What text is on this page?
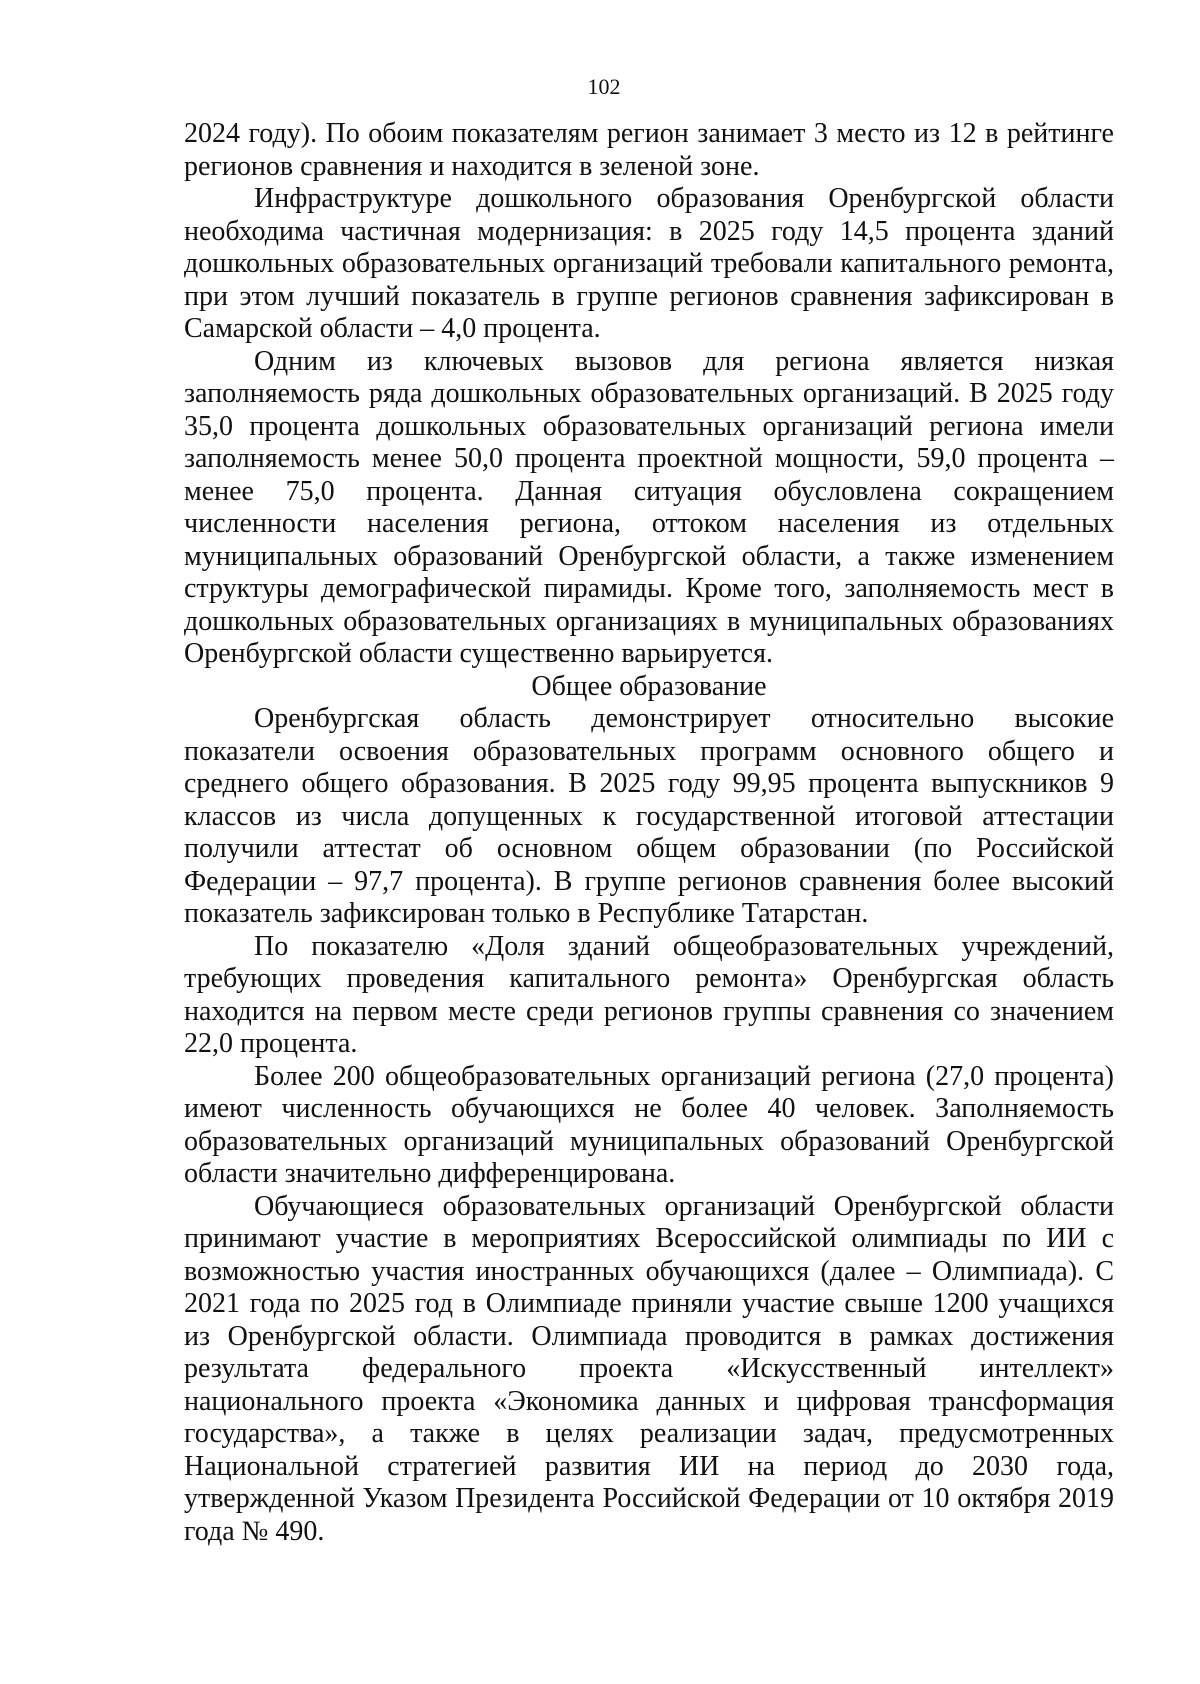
102

2024 году). По обоим показателям регион занимает 3 место из 12 в рейтинге регионов сравнения и находится в зеленой зоне.

Инфраструктуре дошкольного образования Оренбургской области необходима частичная модернизация: в 2025 году 14,5 процента зданий дошкольных образовательных организаций требовали капитального ремонта, при этом лучший показатель в группе регионов сравнения зафиксирован в Самарской области – 4,0 процента.

Одним из ключевых вызовов для региона является низкая заполняемость ряда дошкольных образовательных организаций. В 2025 году 35,0 процента дошкольных образовательных организаций региона имели заполняемость менее 50,0 процента проектной мощности, 59,0 процента – менее 75,0 процента. Данная ситуация обусловлена сокращением численности населения региона, оттоком населения из отдельных муниципальных образований Оренбургской области, а также изменением структуры демографической пирамиды. Кроме того, заполняемость мест в дошкольных образовательных организациях в муниципальных образованиях Оренбургской области существенно варьируется.

Общее образование

Оренбургская область демонстрирует относительно высокие показатели освоения образовательных программ основного общего и среднего общего образования. В 2025 году 99,95 процента выпускников 9 классов из числа допущенных к государственной итоговой аттестации получили аттестат об основном общем образовании (по Российской Федерации – 97,7 процента). В группе регионов сравнения более высокий показатель зафиксирован только в Республике Татарстан.

По показателю «Доля зданий общеобразовательных учреждений, требующих проведения капитального ремонта» Оренбургская область находится на первом месте среди регионов группы сравнения со значением 22,0 процента.

Более 200 общеобразовательных организаций региона (27,0 процента) имеют численность обучающихся не более 40 человек. Заполняемость образовательных организаций муниципальных образований Оренбургской области значительно дифференцирована.

Обучающиеся образовательных организаций Оренбургской области принимают участие в мероприятиях Всероссийской олимпиады по ИИ с возможностью участия иностранных обучающихся (далее – Олимпиада). С 2021 года по 2025 год в Олимпиаде приняли участие свыше 1200 учащихся из Оренбургской области. Олимпиада проводится в рамках достижения результата федерального проекта «Искусственный интеллект» национального проекта «Экономика данных и цифровая трансформация государства», а также в целях реализации задач, предусмотренных Национальной стратегией развития ИИ на период до 2030 года, утвержденной Указом Президента Российской Федерации от 10 октября 2019 года № 490.
